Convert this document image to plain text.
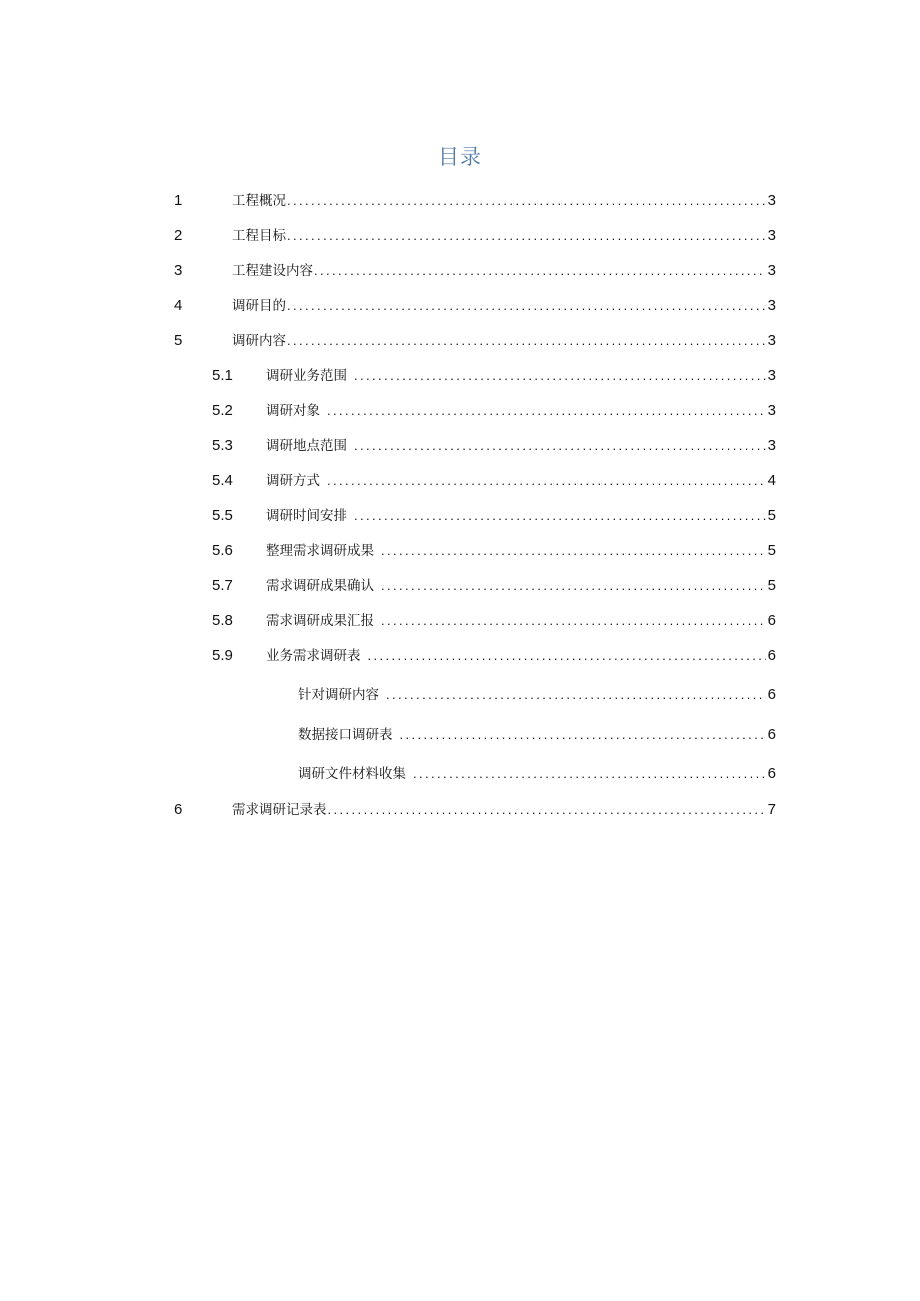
目录
1	工程概况 .....	3
2	工程目标 .....	3
3	工程建设内容 .....	3
4	调研目的 .....	3
5	调研内容 .....	3
5.1	调研业务范围 .....	3
5.2	调研对象 .....	3
5.3	调研地点范围 .....	3
5.4	调研方式 .....	4
5.5	调研时间安排 .....	5
5.6	整理需求调研成果 .....	5
5.7	需求调研成果确认 .....	5
5.8	需求调研成果汇报 .....	6
5.9	业务需求调研表 .....	6
针对调研内容 .....	6
数据接口调研表 .....	6
调研文件材料收集 .....	6
6	需求调研记录表 .....	7
